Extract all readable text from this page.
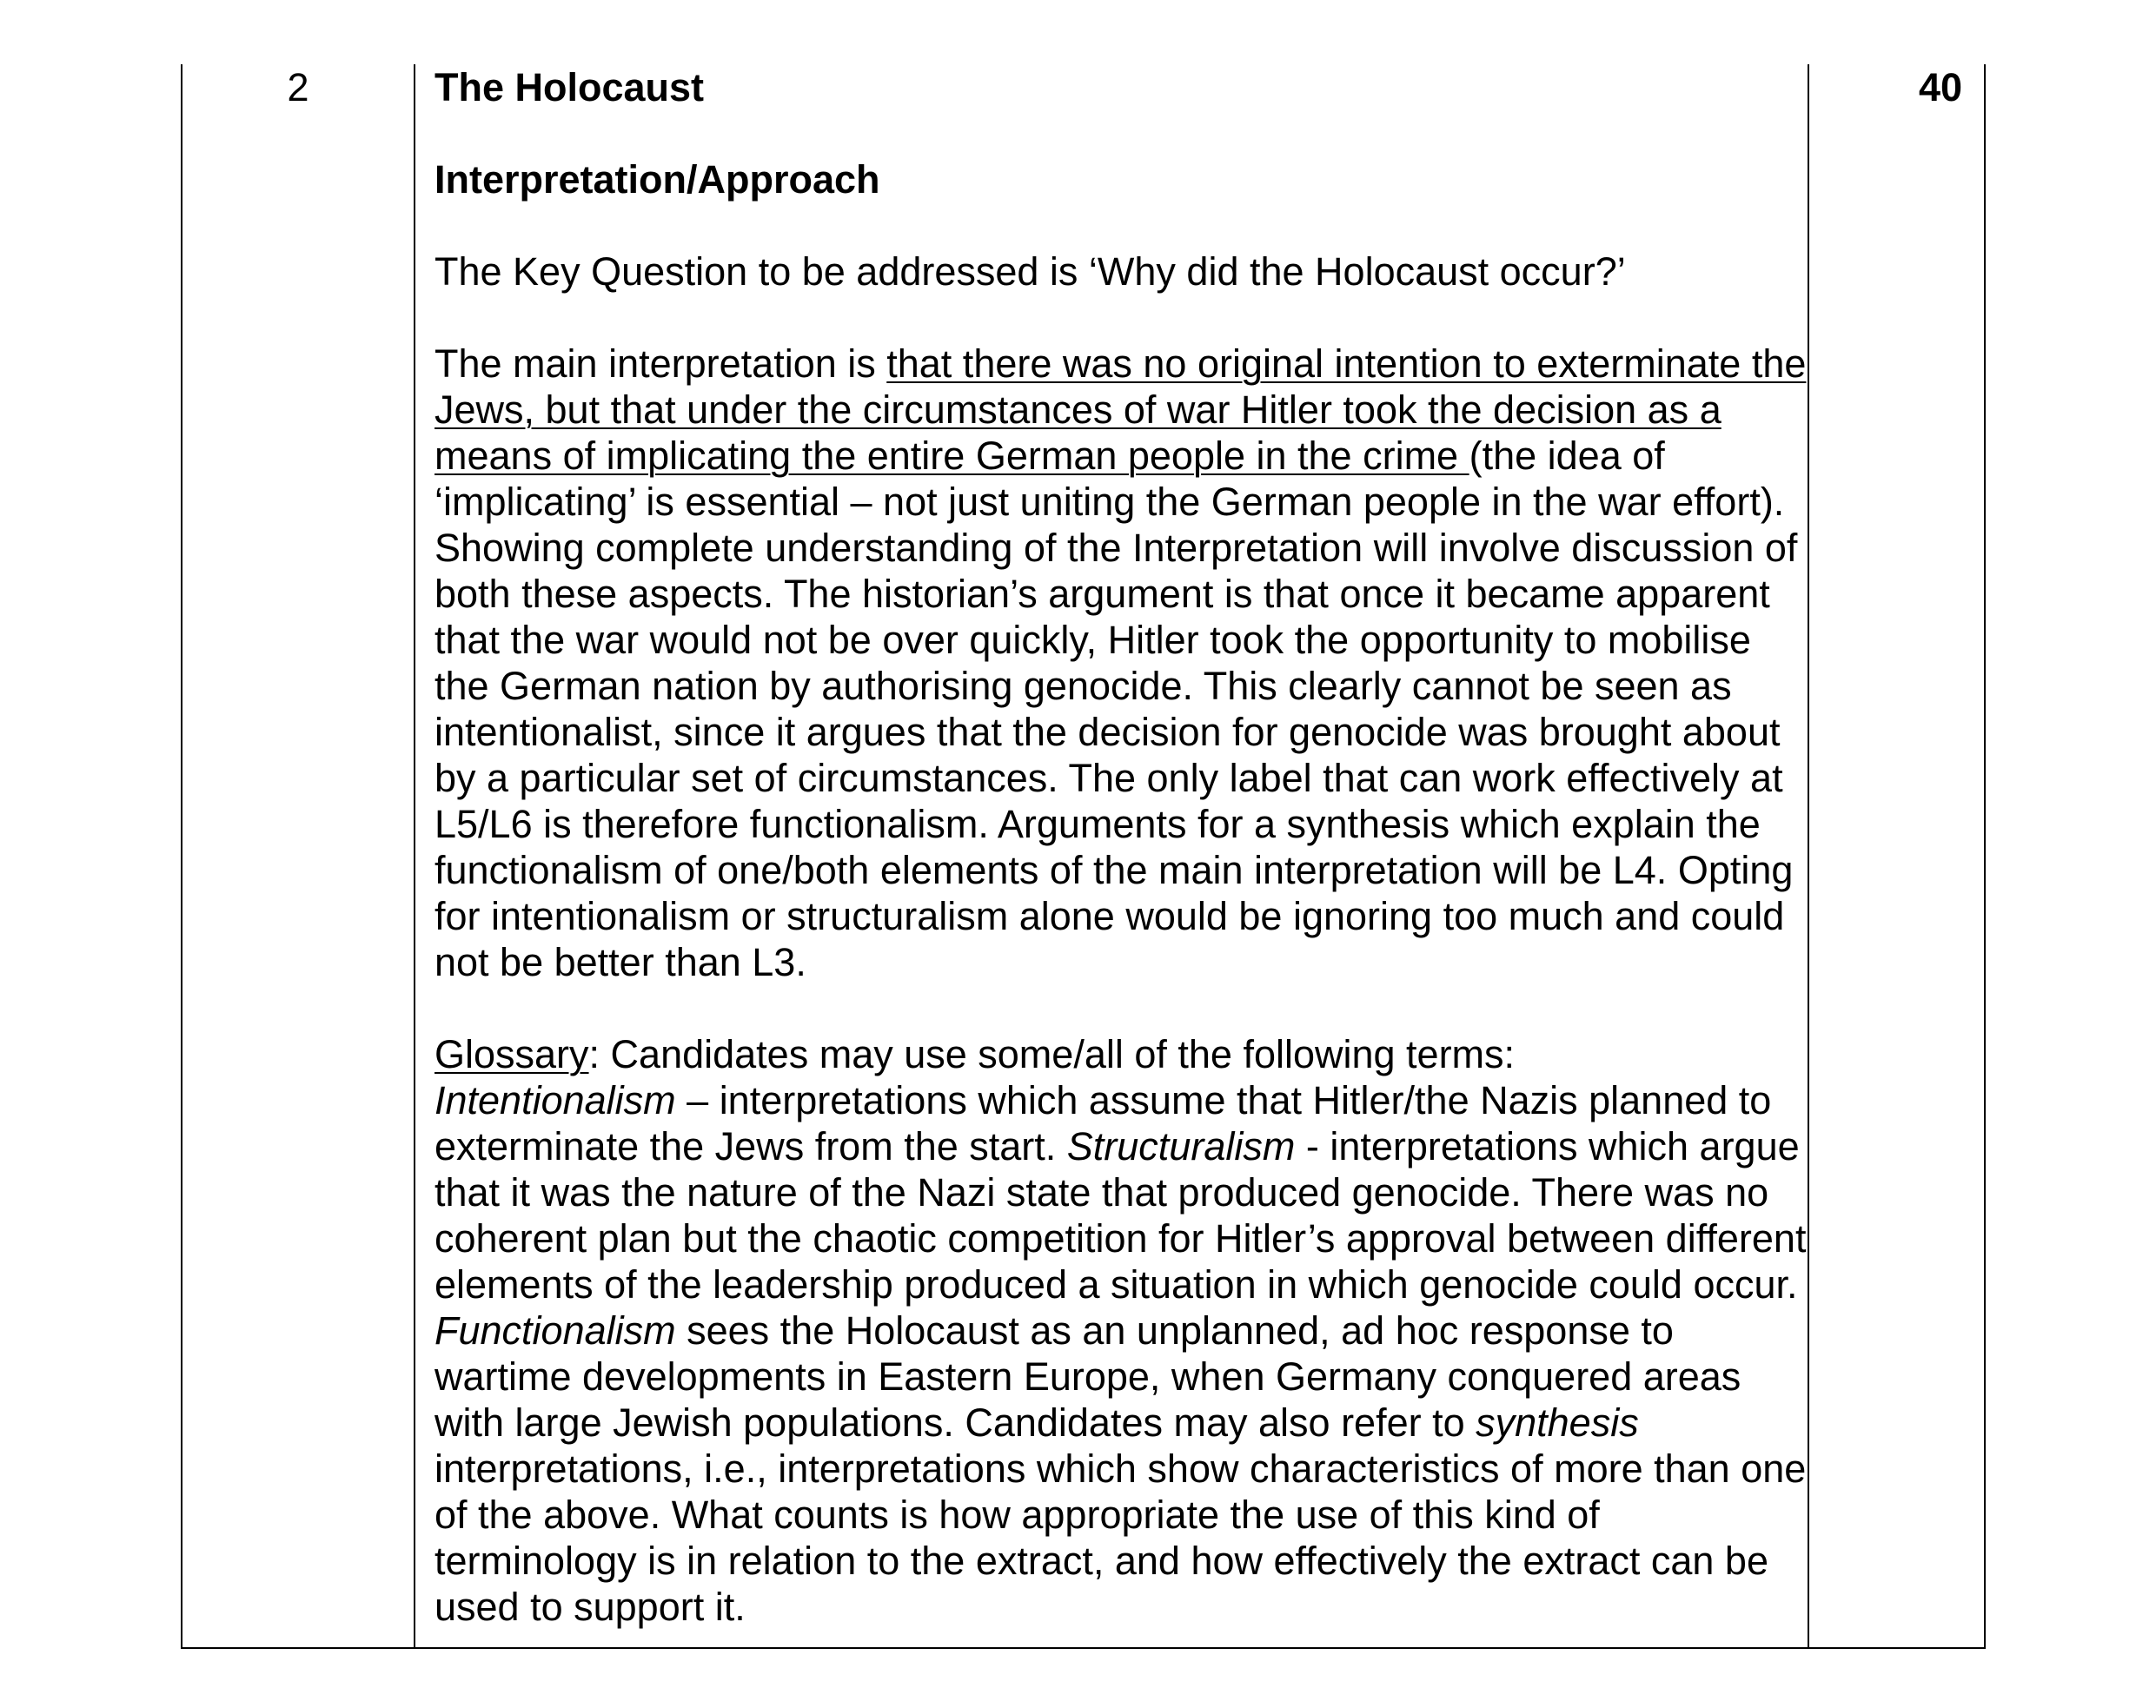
2	The Holocaust

Interpretation/Approach

The Key Question to be addressed is ‘Why did the Holocaust occur?’

The main interpretation is that there was no original intention to exterminate the Jews, but that under the circumstances of war Hitler took the decision as a means of implicating the entire German people in the crime (the idea of ‘implicating’ is essential – not just uniting the German people in the war effort). Showing complete understanding of the Interpretation will involve discussion of both these aspects. The historian’s argument is that once it became apparent that the war would not be over quickly, Hitler took the opportunity to mobilise the German nation by authorising genocide. This clearly cannot be seen as intentionalist, since it argues that the decision for genocide was brought about by a particular set of circumstances. The only label that can work effectively at L5/L6 is therefore functionalism. Arguments for a synthesis which explain the functionalism of one/both elements of the main interpretation will be L4. Opting for intentionalism or structuralism alone would be ignoring too much and could not be better than L3.

Glossary: Candidates may use some/all of the following terms:
Intentionalism – interpretations which assume that Hitler/the Nazis planned to exterminate the Jews from the start. Structuralism - interpretations which argue that it was the nature of the Nazi state that produced genocide. There was no coherent plan but the chaotic competition for Hitler’s approval between different elements of the leadership produced a situation in which genocide could occur. Functionalism sees the Holocaust as an unplanned, ad hoc response to wartime developments in Eastern Europe, when Germany conquered areas with large Jewish populations. Candidates may also refer to synthesis interpretations, i.e., interpretations which show characteristics of more than one of the above. What counts is how appropriate the use of this kind of terminology is in relation to the extract, and how effectively the extract can be used to support it.

40
